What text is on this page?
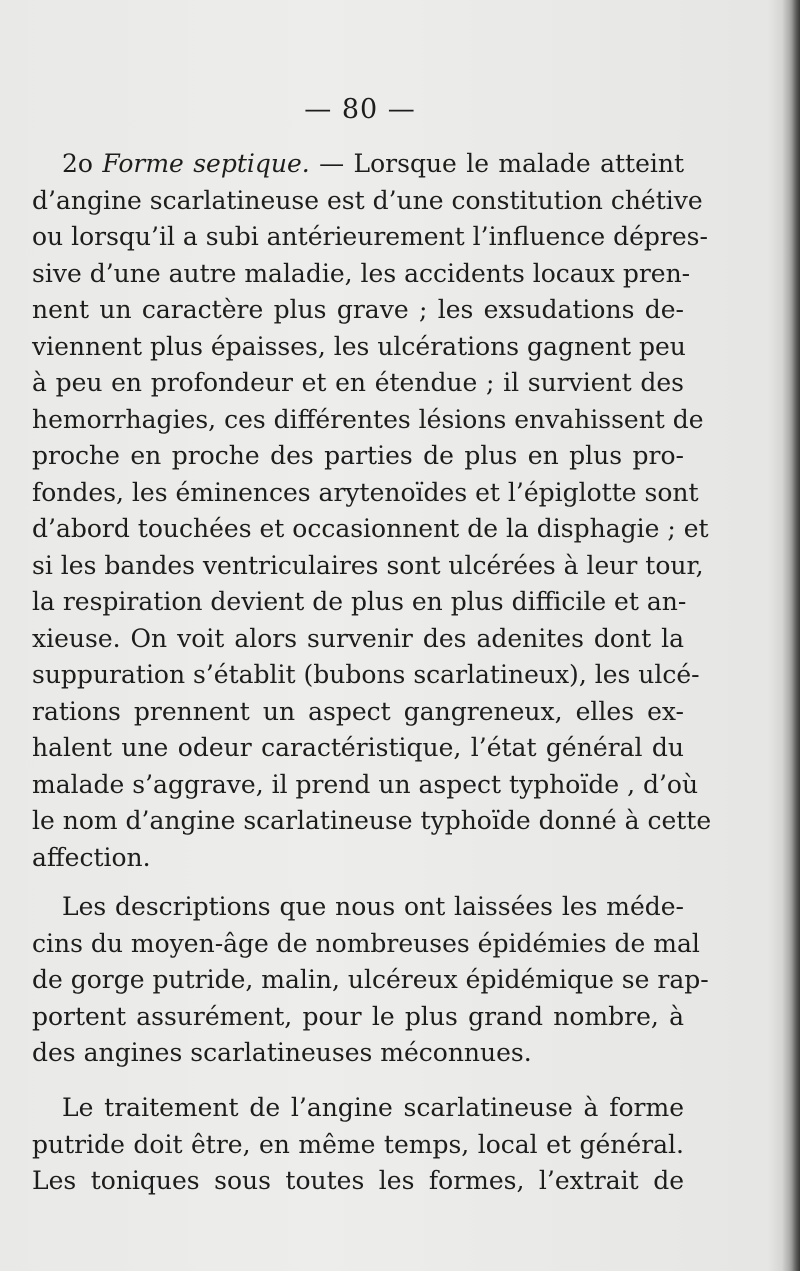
— 80 —
2o Forme septique. — Lorsque le malade atteint
d’angine scarlatineuse est d’une constitution chétive
ou lorsqu’il a subi antérieurement l’influence dépres-
sive d’une autre maladie, les accidents locaux pren-
nent un caractère plus grave ; les exsudations de-
viennent plus épaisses, les ulcérations gagnent peu
à peu en profondeur et en étendue ; il survient des
hemorrhagies, ces différentes lésions envahissent de
proche en proche des parties de plus en plus pro-
fondes, les éminences arytenoïdes et l’épiglotte sont
d’abord touchées et occasionnent de la disphagie ; et
si les bandes ventriculaires sont ulcérées à leur tour,
la respiration devient de plus en plus difficile et an-
xieuse. On voit alors survenir des adenites dont la
suppuration s’établit (bubons scarlatineux), les ulcé-
rations prennent un aspect gangreneux, elles ex-
halent une odeur caractéristique, l’état général du
malade s’aggrave, il prend un aspect typhoïde , d’où
le nom d’angine scarlatineuse typhoïde donné à cette
affection.
Les descriptions que nous ont laissées les méde-
cins du moyen-âge de nombreuses épidémies de mal
de gorge putride, malin, ulcéreux épidémique se rap-
portent assurément, pour le plus grand nombre, à
des angines scarlatineuses méconnues.
Le traitement de l’angine scarlatineuse à forme
putride doit être, en même temps, local et général.
Les toniques sous toutes les formes, l’extrait de
